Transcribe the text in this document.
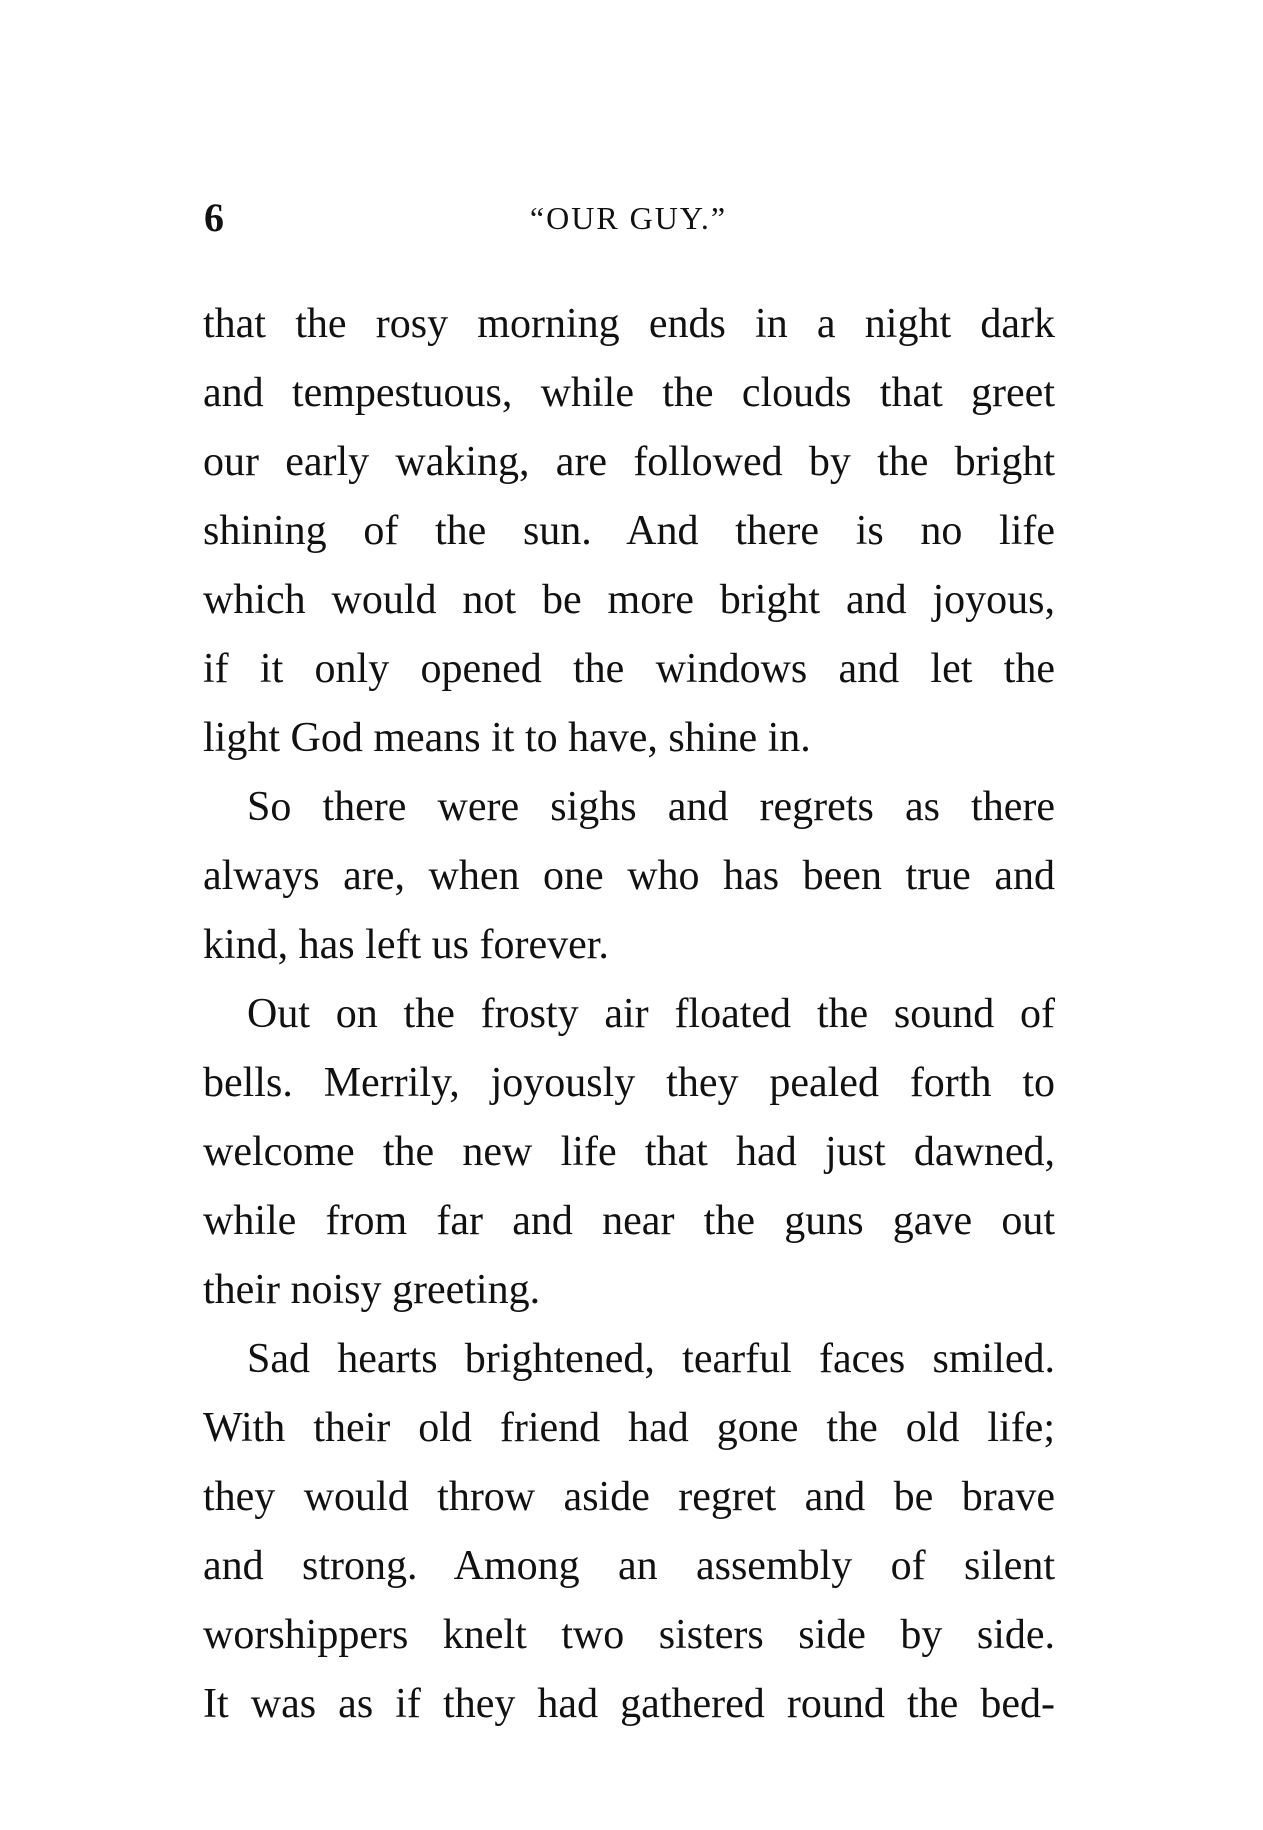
6	“OUR GUY.”
that the rosy morning ends in a night dark
and tempestuous, while the clouds that greet
our early waking, are followed by the bright
shining of the sun. And there is no life
which would not be more bright and joyous,
if it only opened the windows and let the
light God means it to have, shine in.
So there were sighs and regrets as there
always are, when one who has been true and
kind, has left us forever.
Out on the frosty air floated the sound of
bells. Merrily, joyously they pealed forth to
welcome the new life that had just dawned,
while from far and near the guns gave out
their noisy greeting.
Sad hearts brightened, tearful faces smiled.
With their old friend had gone the old life;
they would throw aside regret and be brave
and strong. Among an assembly of silent
worshippers knelt two sisters side by side.
It was as if they had gathered round the bed-
